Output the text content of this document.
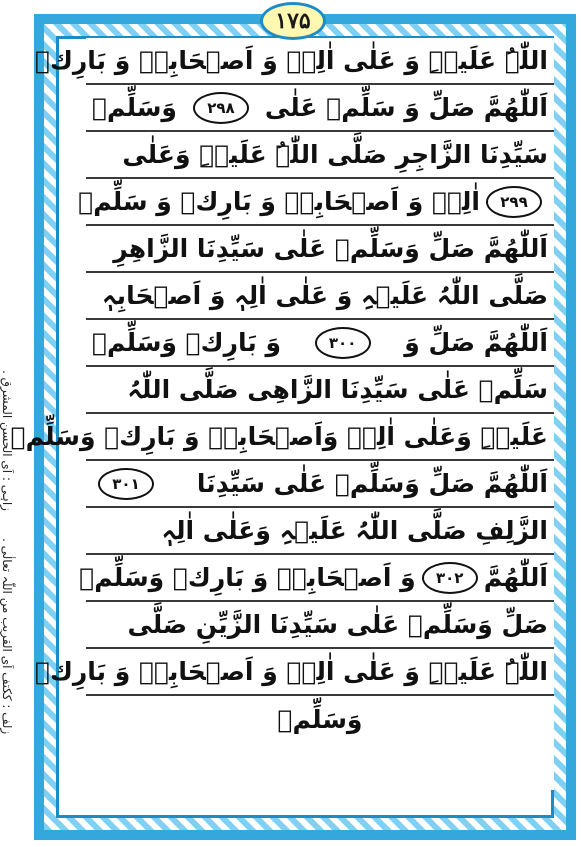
۱۷۵
اللّٰہُ عَلَیۡہِ وَ عَلٰی اٰلِہٖ وَ اَصۡحَابِہٖ وَ بَارِكۡ
اَللّٰھُمَّ صَلِّ وَ سَلِّمۡ عَلٰی
۲۹۸
وَسَلِّمۡ
سَیِّدِنَا الزَّاجِرِ صَلَّی اللّٰہُ عَلَیۡہِ وَعَلٰی
۲۹۹
اٰلِہٖ وَ اَصۡحَابِہٖ وَ بَارِكۡ وَ سَلِّمۡ
اَللّٰھُمَّ صَلِّ وَسَلِّمۡ عَلٰی سَیِّدِنَا الزَّاھِرِ
صَلَّی اللّٰہُ عَلَیۡہِ وَ عَلٰی اٰلِہٖ وَ اَصۡحَابِہٖ
اَللّٰھُمَّ صَلِّ وَ
۳۰۰
وَ بَارِكۡ وَسَلِّمۡ
سَلِّمۡ عَلٰی سَیِّدِنَا الزَّاھِی صَلَّی اللّٰہُ
عَلَیۡہِ وَعَلٰی اٰلِہٖ وَاَصۡحَابِہٖ وَ بَارِكۡ وَسَلِّمۡ
اَللّٰھُمَّ صَلِّ وَسَلِّمۡ عَلٰی سَیِّدِنَا
۳۰۱
الزَّلِفِ صَلَّی اللّٰہُ عَلَیۡہِ وَعَلٰی اٰلِہٖ
اَللّٰھُمَّ
۳۰۲
وَ اَصۡحَابِہٖ وَ بَارِكۡ وَسَلِّمۡ
صَلِّ وَسَلِّمۡ عَلٰی سَیِّدِنَا الزَّیِّنِ صَلَّی
اللّٰہُ عَلَیۡہِ وَ عَلٰی اٰلِہٖ وَ اَصۡحَابِہٖ وَ بَارِكۡ
وَسَلِّمۡ
زاہی : اَی الحسن المشرِق .
زلف : ککتف اَی القریب من اللّٰہ تعالٰی .
